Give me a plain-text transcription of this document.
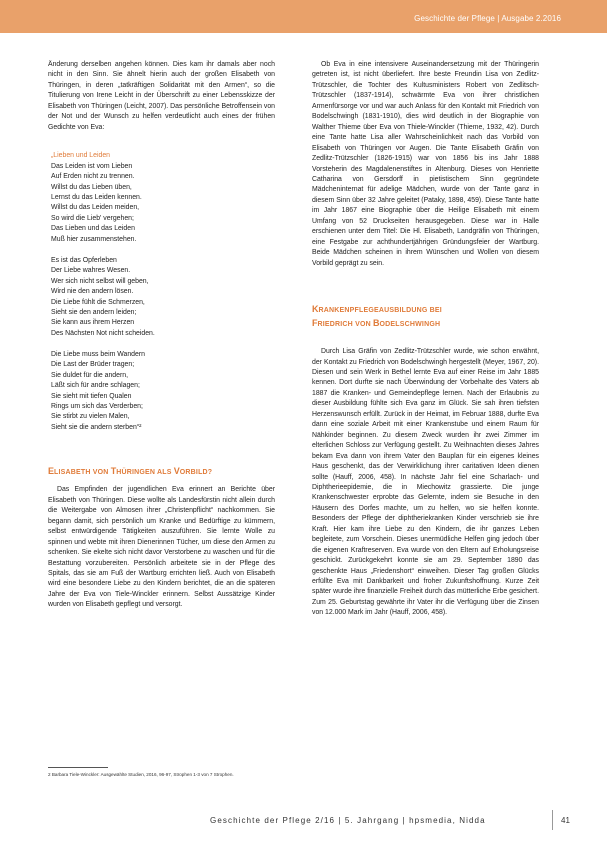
Geschichte der Pflege | Ausgabe 2.2016

Änderung derselben angehen können. Dies kam ihr damals aber noch nicht in den Sinn. Sie ähnelt hierin auch der großen Elisabeth von Thüringen, in deren „tatkräftigen Solidarität mit den Armen“, so die Titulierung von Irene Leicht in der Überschrift zu einer Lebensskizze der Elisabeth von Thüringen (Leicht, 2007). Das persönliche Betroffensein von der Not und der Wunsch zu helfen verdeutlicht auch eines der frühen Gedichte von Eva:

„Lieben und Leiden

Das Leiden ist vom Lieben

Auf Erden nicht zu trennen.

Willst du das Lieben üben,

Lernst du das Leiden kennen.

Willst du das Leiden meiden,

So wird die Lieb' vergehen;

Das Lieben und das Leiden

Muß hier zusammenstehen.

Es ist das Opferleben

Der Liebe wahres Wesen.

Wer sich nicht selbst will geben,

Wird nie den andern lösen.

Die Liebe fühlt die Schmerzen,

Sieht sie den andern leiden;

Sie kann aus ihrem Herzen

Des Nächsten Not nicht scheiden.

Die Liebe muss beim Wandern

Die Last der Brüder tragen;

Sie duldet für die andern,

Läßt sich für andre schlagen;

Sie sieht mit tiefen Qualen

Rings um sich das Verderben;

Sie stirbt zu vielen Malen,

Sieht sie die andern sterben“²

ELISABETH VON THÜRINGEN ALS VORBILD?

Das Empfinden der jugendlichen Eva erinnert an Berichte über Elisabeth von Thüringen. Diese wollte als Landesfürstin nicht allein durch die Weitergabe von Almosen ihrer „Christenpflicht“ nachkommen. Sie begann damit, sich persönlich um Kranke und Bedürftige zu kümmern, selbst entwürdigende Tätigkeiten auszuführen. Sie lernte Wolle zu spinnen und webte mit ihren Dienerinnen Tücher, um diese den Armen zu schenken. Sie ekelte sich nicht davor Verstorbene zu waschen und für die Bestattung vorzubereiten. Persönlich arbeitete sie in der Pflege des Spitals, das sie am Fuß der Wartburg errichten ließ. Auch von Elisabeth wird eine besondere Liebe zu den Kindern berichtet, die an die späteren Jahre der Eva von Tiele-Winckler erinnern. Selbst Aussätzige Kinder wurden von Elisabeth gepflegt und versorgt.

2 Barbara Tiele-Winckler: Ausgewählte Studien, 2016, 96-97, Strophen 1-3 von 7 Strophen.

Ob Eva in eine intensivere Auseinandersetzung mit der Thüringerin getreten ist, ist nicht überliefert. Ihre beste Freundin Lisa von Zedlitz-Trützschler, die Tochter des Kultusministers Robert von Zedlitsch-Trützschler (1837-1914), schwärmte Eva von ihrer christlichen Armenfürsorge vor und war auch Anlass für den Kontakt mit Friedrich von Bodelschwingh (1831-1910), dies wird deutlich in der Biographie von Walther Thieme über Eva von Thiele-Winckler (Thieme, 1932, 42). Durch eine Tante hatte Lisa aller Wahrscheinlichkeit nach das Vorbild von Elisabeth von Thüringen vor Augen. Die Tante Elisabeth Gräfin von Zedlitz-Trützschler (1826-1915) war von 1856 bis ins Jahr 1888 Vorsteherin des Magdalenenstiftes in Altenburg. Dieses von Henriette Catharina von Gersdorff in pietistischem Sinn gegründete Mädcheninternat für adelige Mädchen, wurde von der Tante ganz in diesem Sinn über 32 Jahre geleitet (Pataky, 1898, 459). Diese Tante hatte im Jahr 1867 eine Biographie über die Heilige Elisabeth mit einem Umfang von 52 Druckseiten herausgegeben. Diese war in Halle erschienen unter dem Titel: Die Hl. Elisabeth, Landgräfin von Thüringen, eine Festgabe zur achthundertjährigen Gründungsfeier der Wartburg. Beide Mädchen scheinen in ihrem Wünschen und Wollen von diesem Vorbild geprägt zu sein.

KRANKENPFLEGEAUSBILDUNG BEI
FRIEDRICH VON BODELSCHWINGH

Durch Lisa Gräfin von Zedlitz-Trützschler wurde, wie schon erwähnt, der Kontakt zu Friedrich von Bodelschwingh hergestellt (Meyer, 1967, 20). Diesen und sein Werk in Bethel lernte Eva auf einer Reise im Jahr 1885 kennen. Dort durfte sie nach Überwindung der Vorbehalte des Vaters ab 1887 die Kranken- und Gemeindepflege lernen. Nach der Erlaubnis zu dieser Ausbildung fühlte sich Eva ganz im Glück. Sie sah ihren tiefsten Herzenswunsch erfüllt. Zurück in der Heimat, im Februar 1888, durfte Eva dann eine soziale Arbeit mit einer Krankenstube und einem Raum für Nähkinder beginnen. Zu diesem Zweck wurden ihr zwei Zimmer im elterlichen Schloss zur Verfügung gestellt. Zu Weihnachten dieses Jahres bekam Eva dann von ihrem Vater den Bauplan für ein eigenes kleines Haus geschenkt, das der Verwirklichung ihrer caritativen Ideen dienen sollte (Hauff, 2006, 458). In nächste Jahr fiel eine Scharlach- und Diphtherieepidemie, die in Miechowitz grassierte. Die junge Krankenschwester erprobte das Gelernte, indem sie Besuche in den Häusern des Dorfes machte, um zu helfen, wo sie helfen konnte. Besonders der Pflege der diphtheriekranken Kinder verschrieb sie ihre Kraft. Hier kam ihre Liebe zu den Kindern, die ihr ganzes Leben begleitete, zum Vorschein. Dieses unermüdliche Helfen ging jedoch über die eigenen Kraftreserven. Eva wurde von den Eltern auf Erholungsreise geschickt. Zurückgekehrt konnte sie am 29. September 1890 das geschenkte Haus „Friedenshort“ einweihen. Dieser Tag großen Glücks erfüllte Eva mit Dankbarkeit und froher Zukunftshoffnung. Kurze Zeit später wurde ihre finanzielle Freiheit durch das mütterliche Erbe gesichert. Zum 25. Geburtstag gewährte ihr Vater ihr die Verfügung über die Zinsen von 12.000 Mark im Jahr (Hauff, 2006, 458).

Geschichte der Pflege 2/16 | 5. Jahrgang | hpsmedia, Nidda	41
